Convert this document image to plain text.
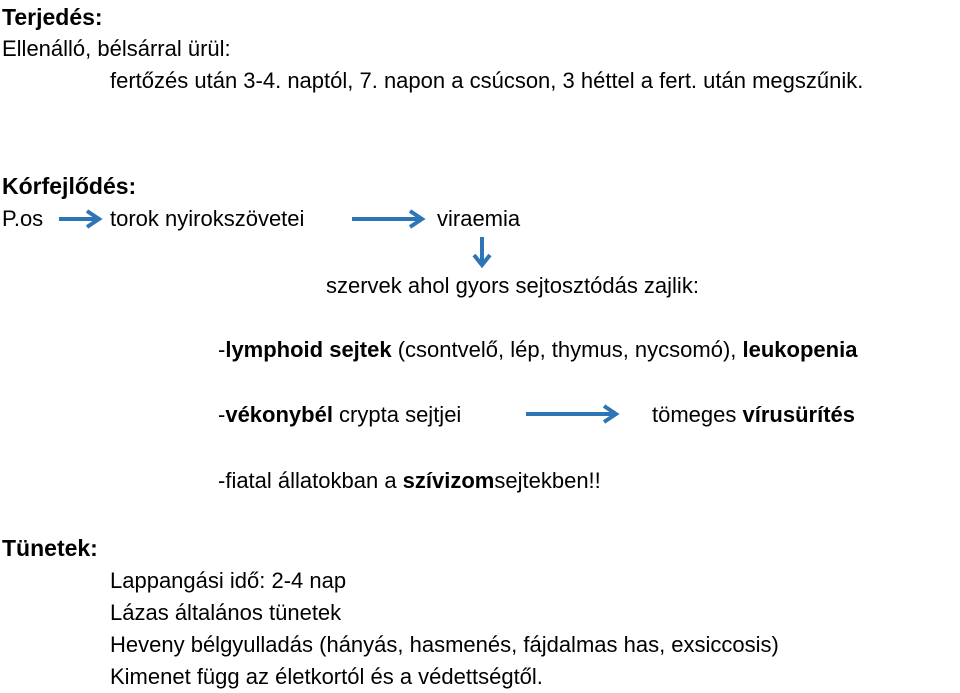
Terjedés:
Ellenálló, bélsárral ürül:
fertőzés után 3-4. naptól, 7. napon a csúcson, 3 héttel a fert. után megszűnik.
Kórfejlődés:
P.os	torok nyirokszövetei	viraemia
szervek ahol gyors sejtosztódás zajlik:
-lymphoid sejtek (csontvelő, lép, thymus, nycsomó), leukopenia
-vékonybél crypta sejtjei	tömeges vírusürítés
-fiatal állatokban a szívizomsejtekben!!
Tünetek:
Lappangási idő: 2-4 nap
Lázas általános tünetek
Heveny bélgyulladás (hányás, hasmenés, fájdalmas has, exsiccosis)
Kimenet függ az életkortól és a védettségtől.
